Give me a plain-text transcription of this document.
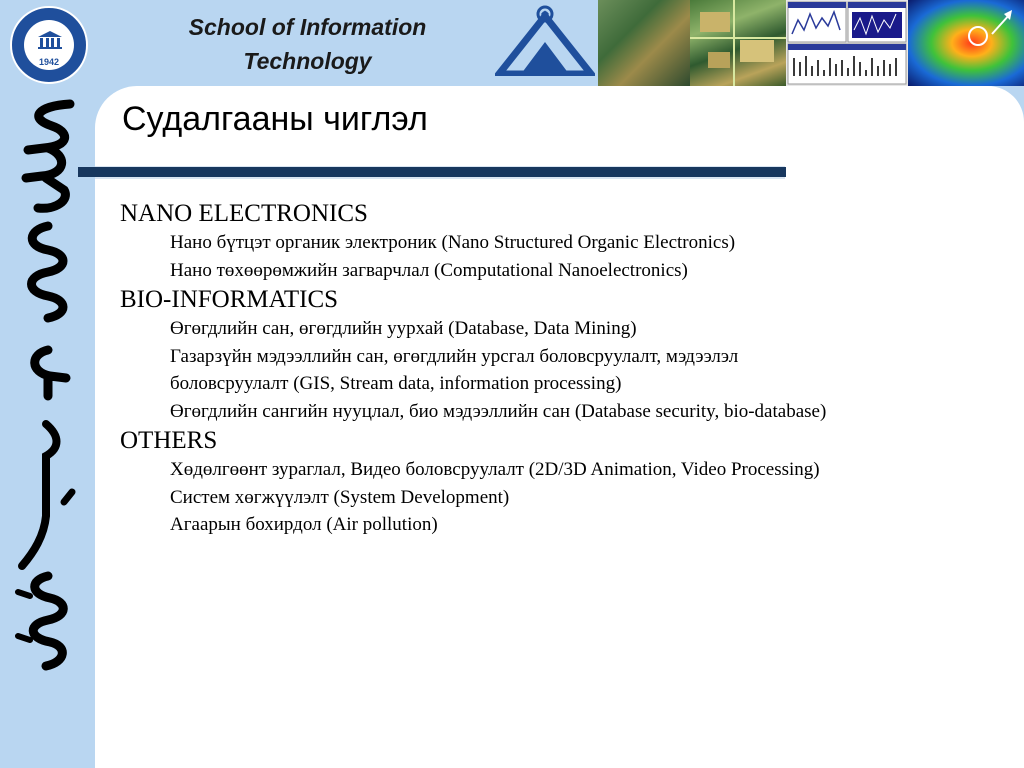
1942
School of Information
Technology
Судалгааны чиглэл
NANO ELECTRONICS
Нано бүтцэт органик электроник (Nano Structured Organic Electronics)
Нано төхөөрөмжийн загварчлал (Computational Nanoelectronics)
BIO-INFORMATICS
Өгөгдлийн сан, өгөгдлийн уурхай (Database, Data Mining)
Газарзүйн мэдээллийн сан, өгөгдлийн урсгал боловсруулалт, мэдээлэл
боловсруулалт (GIS, Stream data, information processing)
Өгөгдлийн сангийн нууцлал, био мэдээллийн сан (Database security, bio-database)
OTHERS
Хөдөлгөөнт зураглал, Видео боловсруулалт (2D/3D Animation, Video Processing)
Систем хөгжүүлэлт (System Development)
Агаарын бохирдол (Air pollution)
